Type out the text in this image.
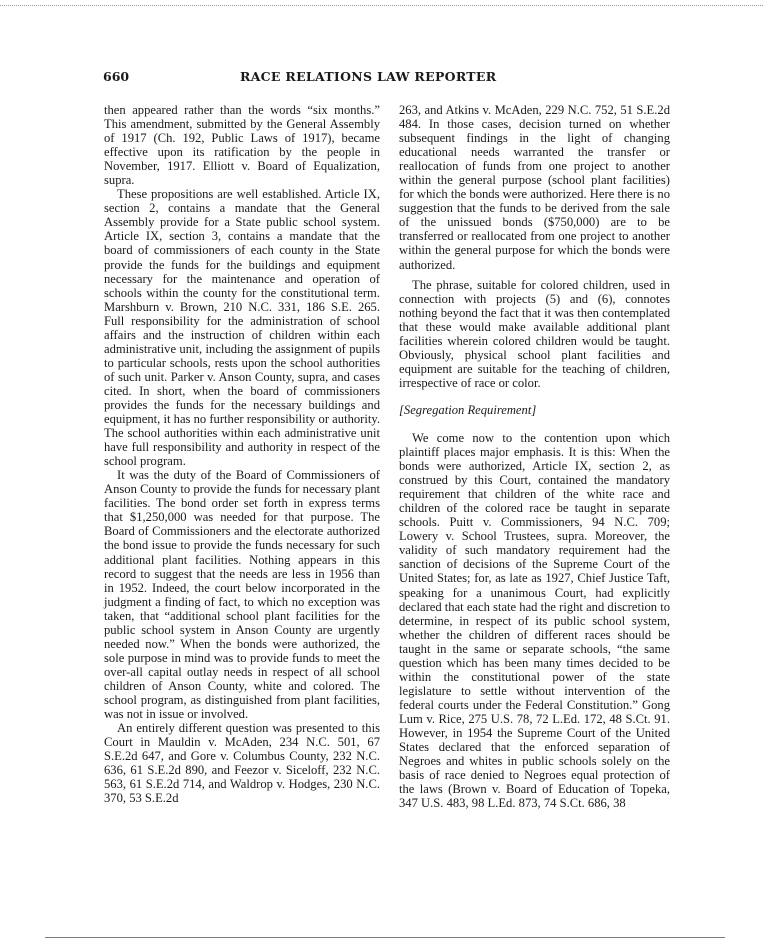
660	RACE RELATIONS LAW REPORTER

then appeared rather than the words “six months.” This amendment, submitted by the General Assembly of 1917 (Ch. 192, Public Laws of 1917), became effective upon its ratification by the people in November, 1917. Elliott v. Board of Equalization, supra.

These propositions are well established. Article IX, section 2, contains a mandate that the General Assembly provide for a State public school system. Article IX, section 3, contains a mandate that the board of commissioners of each county in the State provide the funds for the buildings and equipment necessary for the maintenance and operation of schools within the county for the constitutional term. Marshburn v. Brown, 210 N.C. 331, 186 S.E. 265. Full responsibility for the administration of school affairs and the instruction of children within each administrative unit, including the assignment of pupils to particular schools, rests upon the school authorities of such unit. Parker v. Anson County, supra, and cases cited. In short, when the board of commissioners provides the funds for the necessary buildings and equipment, it has no further responsibility or authority. The school authorities within each administrative unit have full responsibility and authority in respect of the school program.

It was the duty of the Board of Commissioners of Anson County to provide the funds for necessary plant facilities. The bond order set forth in express terms that $1,250,000 was needed for that purpose. The Board of Commissioners and the electorate authorized the bond issue to provide the funds necessary for such additional plant facilities. Nothing appears in this record to suggest that the needs are less in 1956 than in 1952. Indeed, the court below incorporated in the judgment a finding of fact, to which no exception was taken, that “additional school plant facilities for the public school system in Anson County are urgently needed now.” When the bonds were authorized, the sole purpose in mind was to provide funds to meet the over-all capital outlay needs in respect of all school children of Anson County, white and colored. The school program, as distinguished from plant facilities, was not in issue or involved.

An entirely different question was presented to this Court in Mauldin v. McAden, 234 N.C. 501, 67 S.E.2d 647, and Gore v. Columbus County, 232 N.C. 636, 61 S.E.2d 890, and Feezor v. Siceloff, 232 N.C. 563, 61 S.E.2d 714, and Waldrop v. Hodges, 230 N.C. 370, 53 S.E.2d

263, and Atkins v. McAden, 229 N.C. 752, 51 S.E.2d 484. In those cases, decision turned on whether subsequent findings in the light of changing educational needs warranted the transfer or reallocation of funds from one project to another within the general purpose (school plant facilities) for which the bonds were authorized. Here there is no suggestion that the funds to be derived from the sale of the unissued bonds ($750,000) are to be transferred or reallocated from one project to another within the general purpose for which the bonds were authorized.

The phrase, suitable for colored children, used in connection with projects (5) and (6), connotes nothing beyond the fact that it was then contemplated that these would make available additional plant facilities wherein colored children would be taught. Obviously, physical school plant facilities and equipment are suitable for the teaching of children, irrespective of race or color.

[Segregation Requirement]

We come now to the contention upon which plaintiff places major emphasis. It is this: When the bonds were authorized, Article IX, section 2, as construed by this Court, contained the mandatory requirement that children of the white race and children of the colored race be taught in separate schools. Puitt v. Commissioners, 94 N.C. 709; Lowery v. School Trustees, supra. Moreover, the validity of such mandatory requirement had the sanction of decisions of the Supreme Court of the United States; for, as late as 1927, Chief Justice Taft, speaking for a unanimous Court, had explicitly declared that each state had the right and discretion to determine, in respect of its public school system, whether the children of different races should be taught in the same or separate schools, “the same question which has been many times decided to be within the constitutional power of the state legislature to settle without intervention of the federal courts under the Federal Constitution.” Gong Lum v. Rice, 275 U.S. 78, 72 L.Ed. 172, 48 S.Ct. 91. However, in 1954 the Supreme Court of the United States declared that the enforced separation of Negroes and whites in public schools solely on the basis of race denied to Negroes equal protection of the laws (Brown v. Board of Education of Topeka, 347 U.S. 483, 98 L.Ed. 873, 74 S.Ct. 686, 38
